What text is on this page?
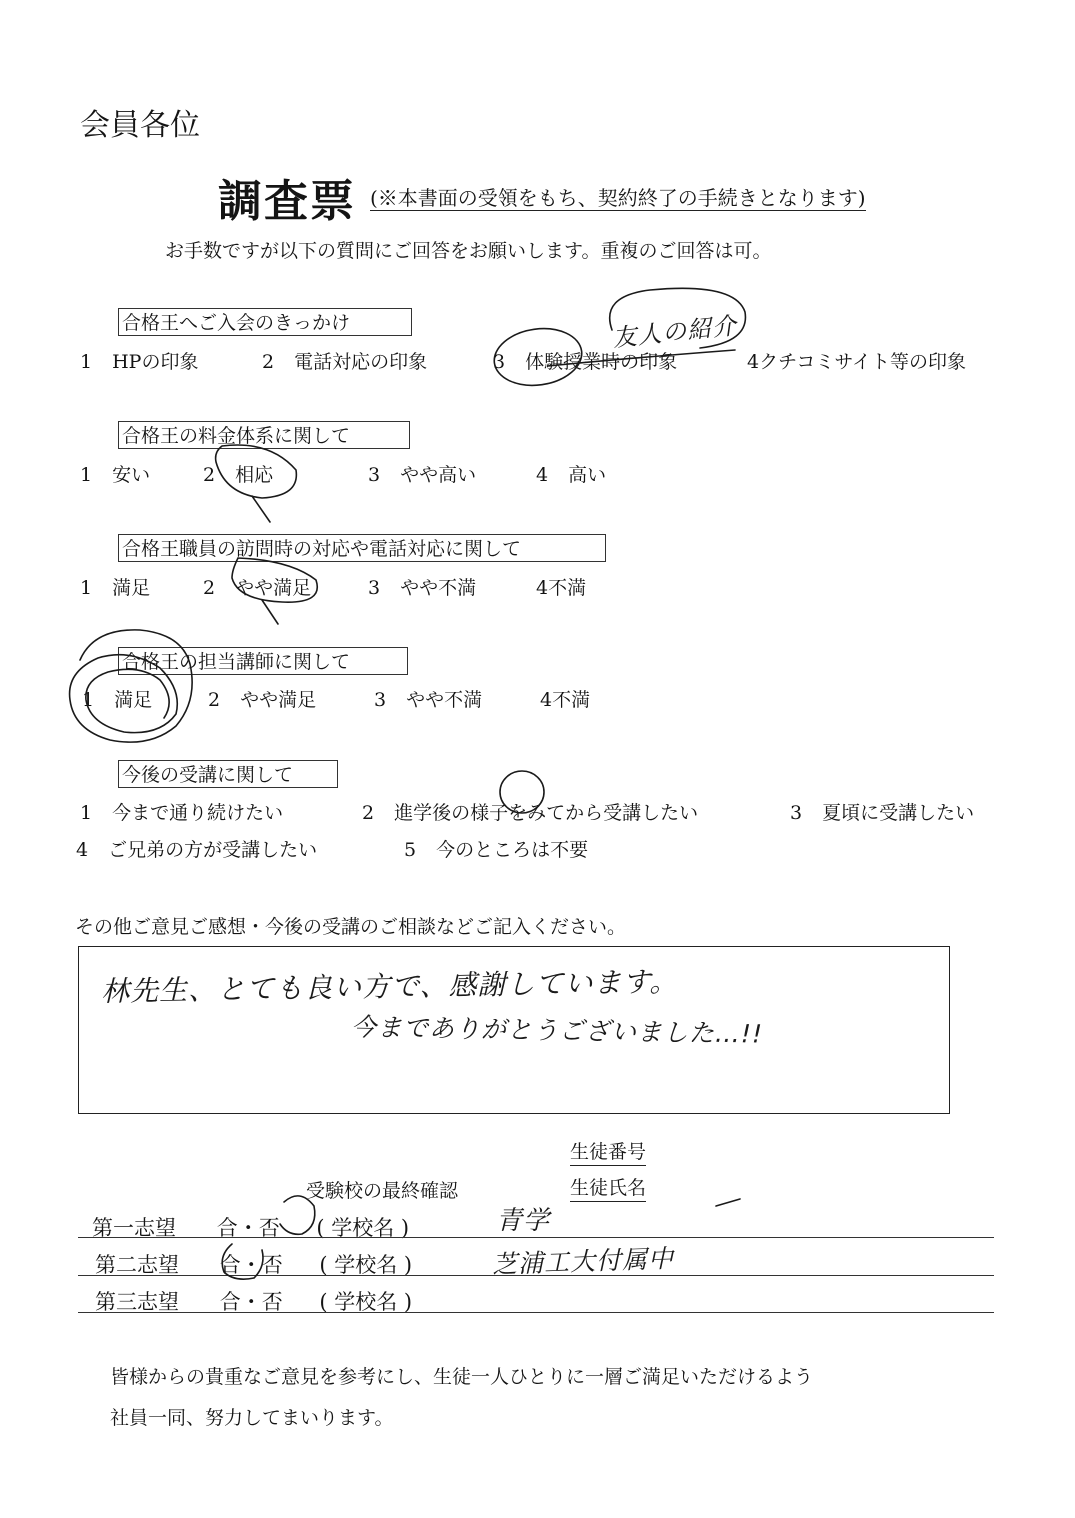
会員各位
調査票 (※本書面の受領をもち、契約終了の手続きとなります)
お手数ですが以下の質問にご回答をお願いします。重複のご回答は可。
合格王へご入会のきっかけ
1 HPの印象	2 電話対応の印象	3 体験授業時の印象	4クチコミサイト等の印象
友人の紹介
合格王の料金体系に関して
1 安い	2 相応	3 やや高い	4 高い
合格王職員の訪問時の対応や電話対応に関して
1 満足	2 やや満足	3 やや不満	4不満
合格王の担当講師に関して
1 満足	2 やや満足	3 やや不満	4不満
今後の受講に関して
1 今まで通り続けたい	2 進学後の様子をみてから受講したい	3 夏頃に受講したい
4 ご兄弟の方が受講したい	5 今のところは不要
その他ご意見ご感想・今後の受講のご相談などご記入ください。
林先生、とても良い方で、感謝しています。
今までありがとうございました…!!
生徒番号
生徒氏名
受験校の最終確認
第一志望 合・否 ( 学校名 )	青学
第二志望 合・否 ( 学校名 )	芝浦工大付属中
第三志望 合・否 ( 学校名 )
皆様からの貴重なご意見を参考にし、生徒一人ひとりに一層ご満足いただけるよう
社員一同、努力してまいります。
